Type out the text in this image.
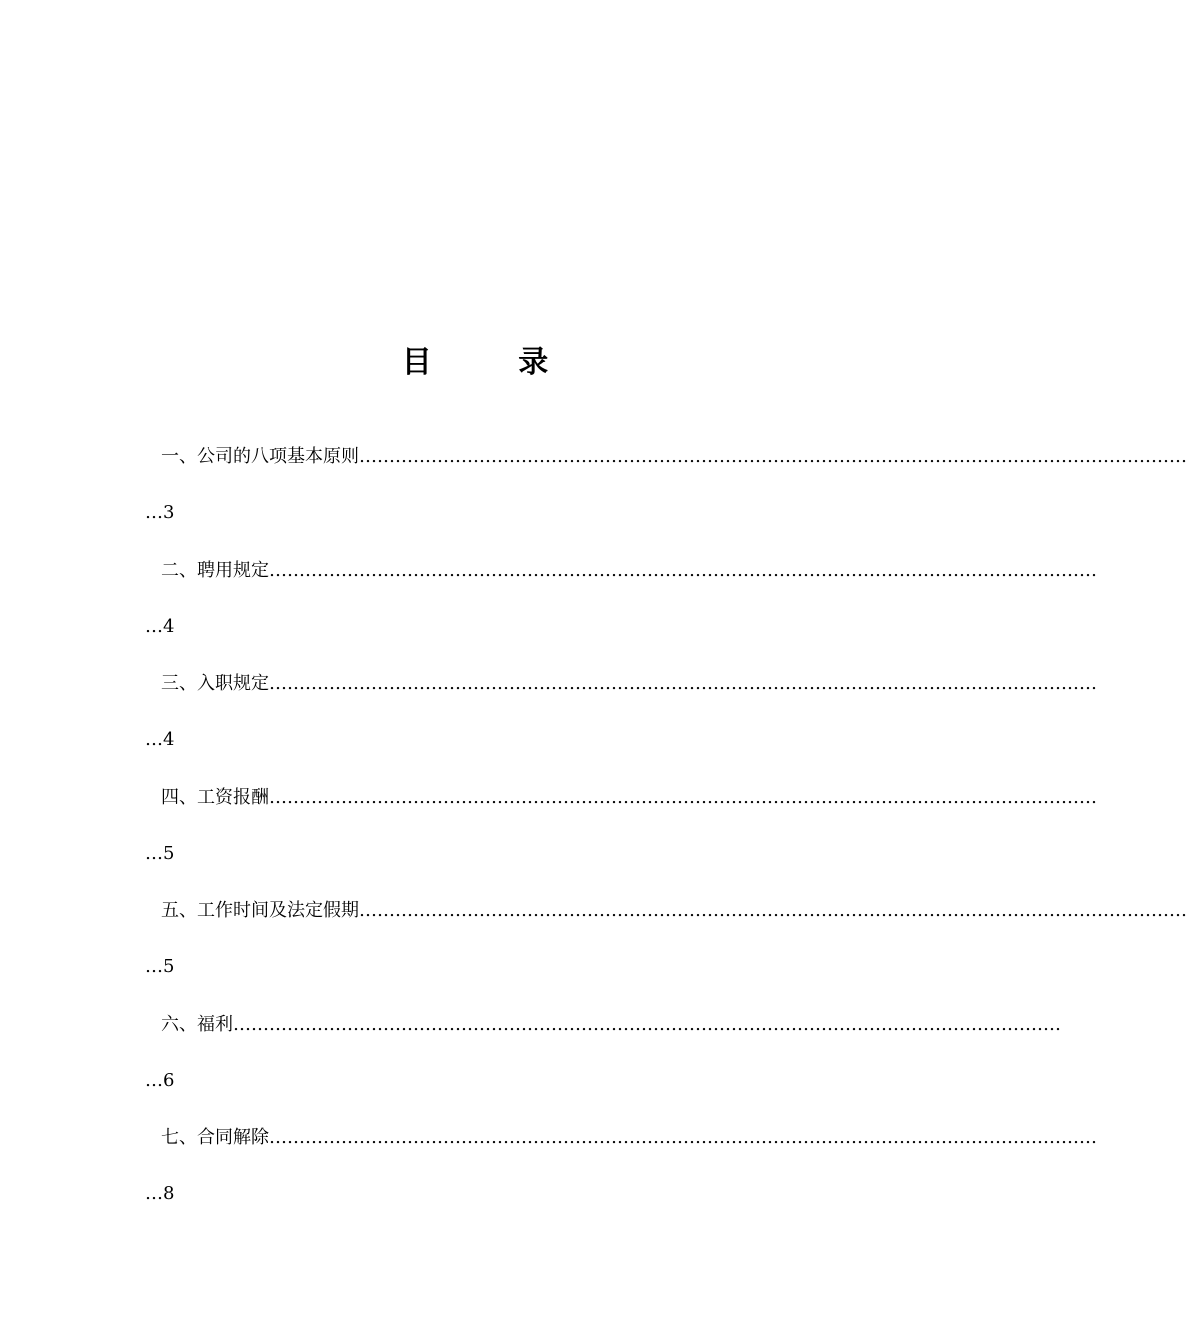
目 录
一、公司的八项基本原则 …………………………………………………………………………………………………………………………
…3
二、聘用规定 …………………………………………………………………………………………………………………………
…4
三、入职规定 …………………………………………………………………………………………………………………………
…4
四、工资报酬 …………………………………………………………………………………………………………………………
…5
五、工作时间及法定假期 …………………………………………………………………………………………………………………………
…5
六、福利 …………………………………………………………………………………………………………………………
…6
七、合同解除 …………………………………………………………………………………………………………………………
…8
